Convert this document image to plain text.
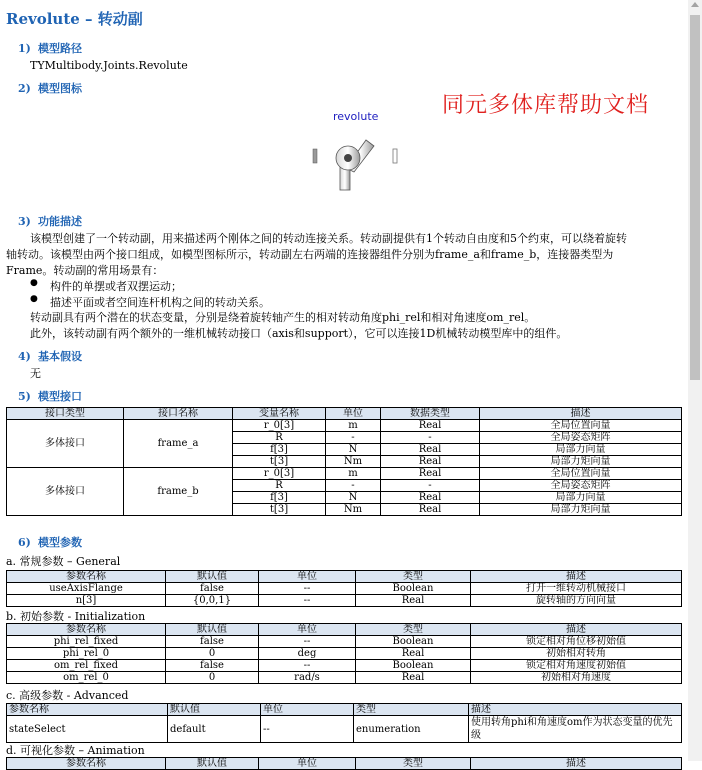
Revolute – 转动副
1) 模型路径
TYMultibody.Joints.Revolute
2) 模型图标
同元多体库帮助文档
revolute
3) 功能描述
该模型创建了一个转动副，用来描述两个刚体之间的转动连接关系。转动副提供有1个转动自由度和5个约束，可以绕着旋转
轴转动。该模型由两个接口组成，如模型图标所示，转动副左右两端的连接器组件分别为frame_a和frame_b，连接器类型为
Frame。转动副的常用场景有：
● 构件的单摆或者双摆运动；
● 描述平面或者空间连杆机构之间的转动关系。
转动副具有两个潜在的状态变量，分别是绕着旋转轴产生的相对转动角度phi_rel和相对角速度om_rel。
此外，该转动副有两个额外的一维机械转动接口（axis和support），它可以连接1D机械转动模型库中的组件。
4) 基本假设
无
5) 模型接口
接口类型	接口名称	变量名称	单位	数据类型	描述
多体接口	frame_a	r_0[3]	m	Real	全局位置向量
		R	-	-	全局姿态矩阵
		f[3]	N	Real	局部力向量
		t[3]	Nm	Real	局部力矩向量
多体接口	frame_b	r_0[3]	m	Real	全局位置向量
		R	-	-	全局姿态矩阵
		f[3]	N	Real	局部力向量
		t[3]	Nm	Real	局部力矩向量
6) 模型参数
a. 常规参数 – General
参数名称	默认值	单位	类型	描述
useAxisFlange	false	--	Boolean	打开一维转动机械接口
n[3]	{0,0,1}	--	Real	旋转轴的方向向量
b. 初始参数 - Initialization
参数名称	默认值	单位	类型	描述
phi_rel_fixed	false	--	Boolean	锁定相对角位移初始值
phi_rel_0	0	deg	Real	初始相对转角
om_rel_fixed	false	--	Boolean	锁定相对角速度初始值
om_rel_0	0	rad/s	Real	初始相对角速度
c. 高级参数 - Advanced
参数名称	默认值	单位	类型	描述
stateSelect	default	--	enumeration	使用转角phi和角速度om作为状态变量的优先级
d. 可视化参数 – Animation
参数名称	默认值	单位	类型	描述
